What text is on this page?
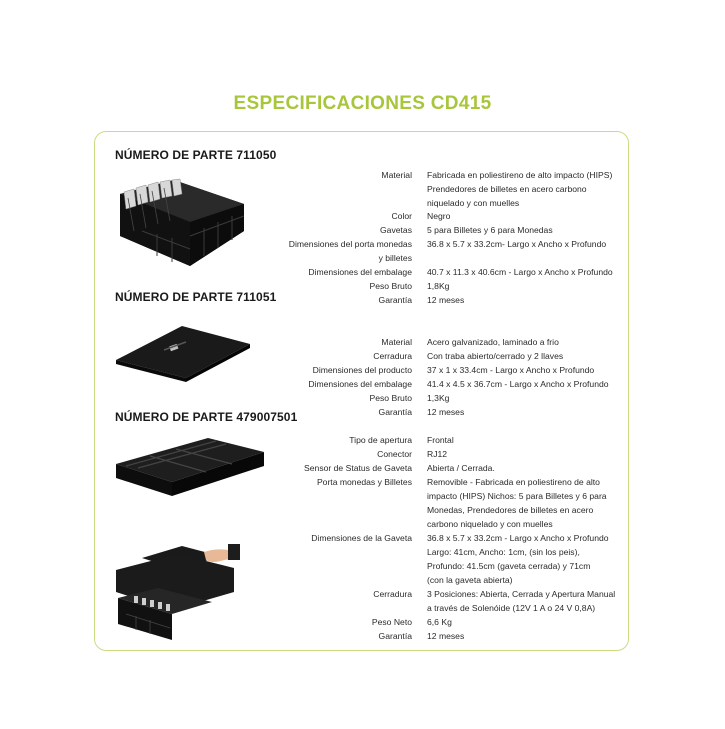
ESPECIFICACIONES CD415
NÚMERO DE PARTE 711050
NÚMERO DE PARTE 711051
NÚMERO DE PARTE 479007501
Material Fabricada en poliestireno de alto impacto (HIPS)
Prendedores de billetes en acero carbono
niquelado y con muelles
Color Negro
Gavetas 5 para Billetes y 6 para Monedas
Dimensiones del porta monedas
y billetes
36.8 x 5.7 x 33.2cm- Largo x Ancho x Profundo
Dimensiones del embalage 40.7 x 11.3 x 40.6cm - Largo x Ancho x Profundo
Peso Bruto 1,8Kg
Garantía 12 meses
Material Acero galvanizado, laminado a frio
Cerradura Con traba abierto/cerrado y 2 llaves
Dimensiones del producto 37 x 1 x 33.4cm - Largo x Ancho x Profundo
Dimensiones del embalage 41.4 x 4.5 x 36.7cm - Largo x Ancho x Profundo
Peso Bruto 1,3Kg
Garantía 12 meses
Tipo de apertura Frontal
Conector RJ12
Sensor de Status de Gaveta Abierta / Cerrada.
Porta monedas y Billetes Removible - Fabricada en poliestireno de alto
impacto (HIPS) Nichos: 5 para Billetes y 6 para
Monedas, Prendedores de billetes en acero
carbono niquelado y con muelles
Dimensiones de la Gaveta 36.8 x 5.7 x 33.2cm - Largo x Ancho x Profundo
Largo: 41cm, Ancho: 1cm, (sin los peis),
Profundo: 41.5cm (gaveta cerrada) y 71cm
(con la gaveta abierta)
Cerradura 3 Posiciones: Abierta, Cerrada y Apertura Manual
a través de Solenóide (12V 1 A o 24 V 0,8A)
Peso Neto 6,6 Kg
Garantía 12 meses
